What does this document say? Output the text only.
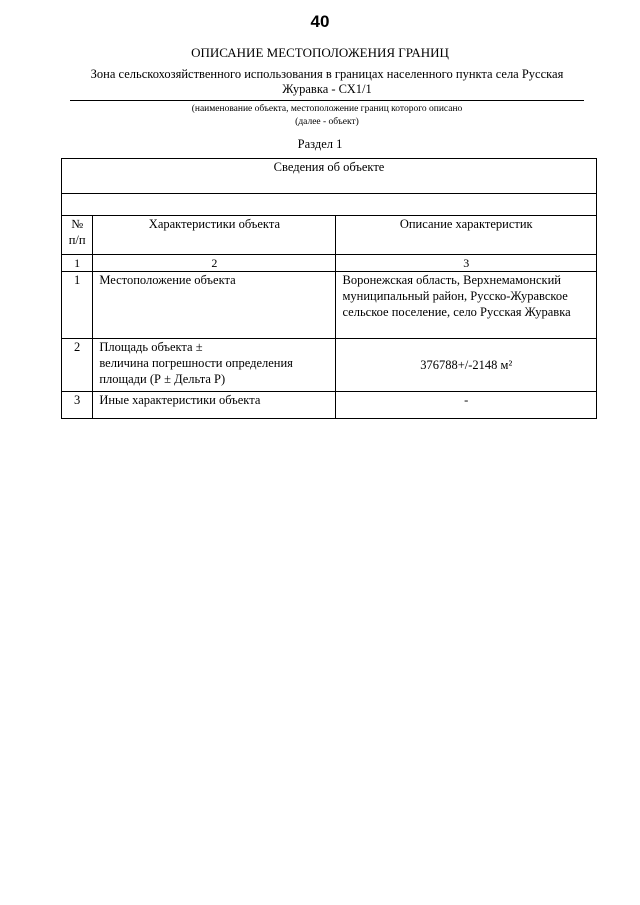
40
ОПИСАНИЕ МЕСТОПОЛОЖЕНИЯ ГРАНИЦ
Зона сельскохозяйственного использования в границах населенного пункта села Русская
Журавка - СХ1/1
(наименование объекта, местоположение границ которого описано
(далее - объект)
Раздел 1
Сведения об объекте		

№
п/п	Характеристики объекта	Описание характеристик
1	2	3
1	Местоположение объекта	Воронежская область, Верхнемамонский
муниципальный район, Русско-Журавское
сельское поселение, село Русская Журавка

2	Площадь объекта ±
величина погрешности определения
площади (Р ± Дельта Р)	376788+/-2148 м²

3	Иные характеристики объекта	-
